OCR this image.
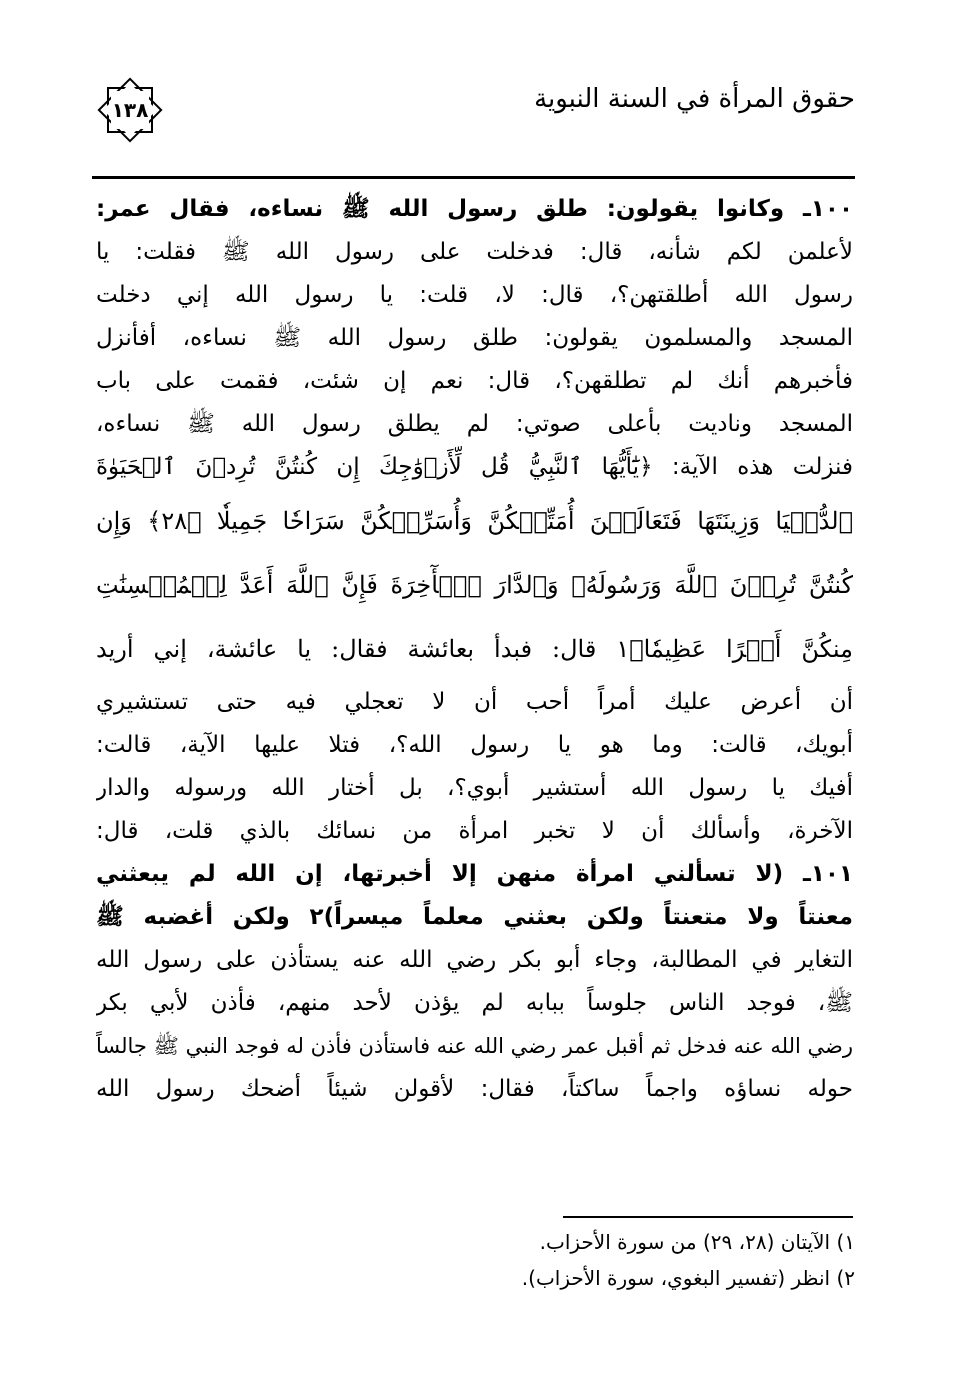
حقوق المرأة في السنة النبوية
١٣٨
١٠٠ـ وكانوا يقولون: طلق رسول الله ﷺ نساءه، فقال عمر:
لأعلمن لكم شأنه، قال: فدخلت على رسول الله ﷺ فقلت: يا
رسول الله أطلقتهن؟، قال: لا، قلت: يا رسول الله إني دخلت
المسجد والمسلمون يقولون: طلق رسول الله ﷺ نساءه، أفأنزل
فأخبرهم أنك لم تطلقهن؟، قال: نعم إن شئت، فقمت على باب
المسجد وناديت بأعلى صوتي: لم يطلق رسول الله ﷺ نساءه،
فنزلت هذه الآية: ﴿يَٰٓأَيُّهَا ٱلنَّبِيُّ قُل لِّأَزۡوَٰجِكَ إِن كُنتُنَّ تُرِدۡنَ ٱلۡحَيَوٰةَ
ٱلدُّنۡيَا وَزِينَتَهَا فَتَعَالَيۡنَ أُمَتِّعۡكُنَّ وَأُسَرِّحۡكُنَّ سَرَاحٗا جَمِيلٗا ﴿٢٨﴾ وَإِن
كُنتُنَّ تُرِدۡنَ ٱللَّهَ وَرَسُولَهُۥ وَٱلدَّارَ ٱلۡأٓخِرَةَ فَإِنَّ ٱللَّهَ أَعَدَّ لِلۡمُحۡسِنَٰتِ
مِنكُنَّ أَجۡرًا عَظِيمٗا﴾١ قال: فبدأ بعائشة فقال: يا عائشة، إني أريد
أن أعرض عليك أمراً أحب أن لا تعجلي فيه حتى تستشيري
أبويك، قالت: وما هو يا رسول الله؟، فتلا عليها الآية، قالت:
أفيك يا رسول الله أستشير أبوي؟، بل أختار الله ورسوله والدار
الآخرة، وأسألك أن لا تخبر امرأة من نسائك بالذي قلت، قال:
١٠١ـ (لا تسألني امرأة منهن إلا أخبرتها، إن الله لم يبعثني
معنتاً ولا متعنتاً ولكن بعثني معلماً ميسراً)٢ ولكن أغضبه ﷺ
التغاير في المطالبة، وجاء أبو بكر رضي الله عنه يستأذن على رسول الله
ﷺ، فوجد الناس جلوساً ببابه لم يؤذن لأحد منهم، فأذن لأبي بكر
رضي الله عنه فدخل ثم أقبل عمر رضي الله عنه فاستأذن فأذن له فوجد النبي ﷺ جالساً
حوله نساؤه واجماً ساكتاً، فقال: لأقولن شيئاً أضحك رسول الله
١) الآيتان (٢٨، ٢٩) من سورة الأحزاب.
٢) انظر (تفسير البغوي، سورة الأحزاب).
